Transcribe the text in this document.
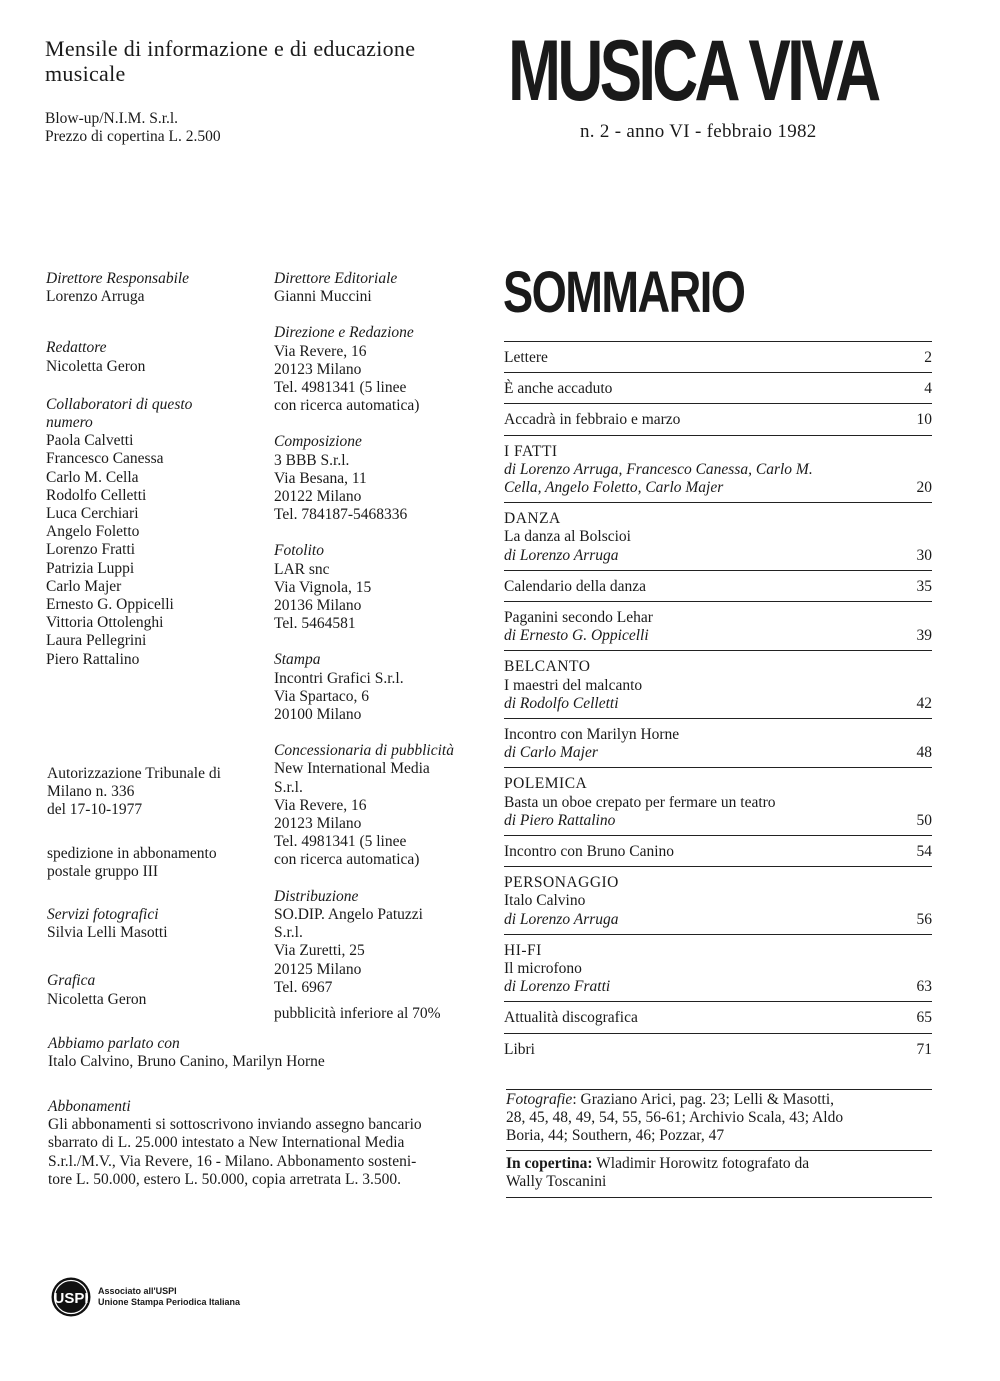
Mensile di informazione e di educazione musicale
Blow-up/N.I.M. S.r.l.
Prezzo di copertina L. 2.500
MUSICA VIVA
n. 2 - anno VI - febbraio 1982
Direttore Responsabile
Lorenzo Arruga
Redattore
Nicoletta Geron
Collaboratori di questo
numero
Paola Calvetti
Francesco Canessa
Carlo M. Cella
Rodolfo Celletti
Luca Cerchiari
Angelo Foletto
Lorenzo Fratti
Patrizia Luppi
Carlo Majer
Ernesto G. Oppicelli
Vittoria Ottolenghi
Laura Pellegrini
Piero Rattalino
Autorizzazione Tribunale di
Milano n. 336
del 17-10-1977
spedizione in abbonamento
postale gruppo III
Servizi fotografici
Silvia Lelli Masotti
Grafica
Nicoletta Geron
Direttore Editoriale
Gianni Muccini
Direzione e Redazione
Via Revere, 16
20123 Milano
Tel. 4981341 (5 linee
con ricerca automatica)
Composizione
3 BBB S.r.l.
Via Besana, 11
20122 Milano
Tel. 784187-5468336
Fotolito
LAR snc
Via Vignola, 15
20136 Milano
Tel. 5464581
Stampa
Incontri Grafici S.r.l.
Via Spartaco, 6
20100 Milano
Concessionaria di pubblicità
New International Media
S.r.l.
Via Revere, 16
20123 Milano
Tel. 4981341 (5 linee
con ricerca automatica)
Distribuzione
SO.DIP. Angelo Patuzzi
S.r.l.
Via Zuretti, 25
20125 Milano
Tel. 6967
pubblicità inferiore al 70%
Abbiamo parlato con
Italo Calvino, Bruno Canino, Marilyn Horne
Abbonamenti
Gli abbonamenti si sottoscrivono inviando assegno bancario
sbarrato di L. 25.000 intestato a New International Media
S.r.l./M.V., Via Revere, 16 - Milano. Abbonamento sosteni-
tore L. 50.000, estero L. 50.000, copia arretrata L. 3.500.
SOMMARIO
Lettere	2
È anche accaduto	4
Accadrà in febbraio e marzo	10
I FATTI
di Lorenzo Arruga, Francesco Canessa, Carlo M.
Cella, Angelo Foletto, Carlo Majer	20
DANZA
La danza al Bolscioi
di Lorenzo Arruga	30
Calendario della danza	35
Paganini secondo Lehar
di Ernesto G. Oppicelli	39
BELCANTO
I maestri del malcanto
di Rodolfo Celletti	42
Incontro con Marilyn Horne
di Carlo Majer	48
POLEMICA
Basta un oboe crepato per fermare un teatro
di Piero Rattalino	50
Incontro con Bruno Canino	54
PERSONAGGIO
Italo Calvino
di Lorenzo Arruga	56
HI-FI
Il microfono
di Lorenzo Fratti	63
Attualità discografica	65
Libri	71
Fotografie: Graziano Arici, pag. 23; Lelli & Masotti,
28, 45, 48, 49, 54, 55, 56-61; Archivio Scala, 43; Aldo
Boria, 44; Southern, 46; Pozzar, 47
In copertina: Wladimir Horowitz fotografato da
Wally Toscanini
USPI Associato all'USPI
Unione Stampa Periodica Italiana
